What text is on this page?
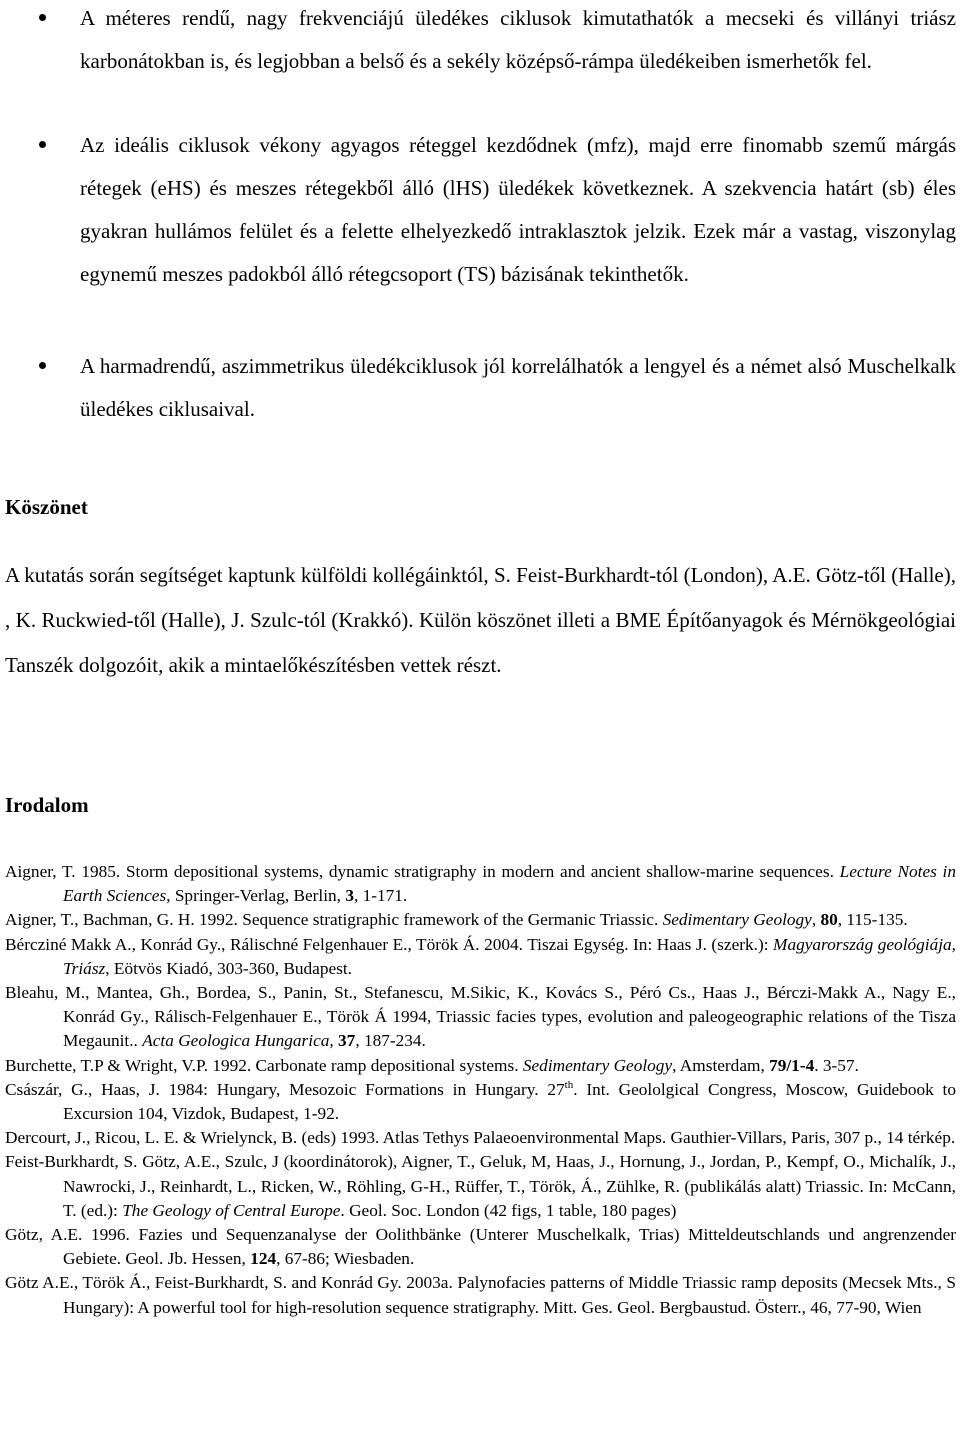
A méteres rendű, nagy frekvenciájú üledékes ciklusok kimutathatók a mecseki és villányi triász karbonátokban is, és legjobban a belső és a sekély középső-rámpa üledékeiben ismerhetők fel.
Az ideális ciklusok vékony agyagos réteggel kezdődnek (mfz), majd erre finomabb szemű márgás rétegek (eHS) és meszes rétegekből álló (lHS) üledékek következnek. A szekvencia határt (sb) éles gyakran hullámos felület és a felette elhelyezkedő intraklasztok jelzik. Ezek már a vastag, viszonylag egynemű meszes padokból álló rétegcsoport (TS) bázisának tekinthetők.
A harmadrendű, aszimmetrikus üledékciklusok jól korrelálhatók a lengyel és a német alsó Muschelkalk üledékes ciklusaival.
Köszönet

A kutatás során segítséget kaptunk külföldi kollégáinktól, S. Feist-Burkhardt-tól (London), A.E. Götz-től (Halle), , K. Ruckwied-től (Halle), J. Szulc-tól (Krakkó). Külön köszönet illeti a BME Építőanyagok és Mérnökgeológiai Tanszék dolgozóit, akik a mintaelőkészítésben vettek részt.

Irodalom
Aigner, T. 1985. Storm depositional systems, dynamic stratigraphy in modern and ancient shallow-marine sequences. Lecture Notes in Earth Sciences, Springer-Verlag, Berlin, 3, 1-171.
Aigner, T., Bachman, G. H. 1992. Sequence stratigraphic framework of the Germanic Triassic. Sedimentary Geology, 80, 115-135.
Bércziné Makk A., Konrád Gy., Rálischné Felgenhauer E., Török Á. 2004. Tiszai Egység. In: Haas J. (szerk.): Magyarország geológiája, Triász, Eötvös Kiadó, 303-360, Budapest.
Bleahu, M., Mantea, Gh., Bordea, S., Panin, St., Stefanescu, M.Sikic, K., Kovács S., Péró Cs., Haas J., Bérczi-Makk A., Nagy E., Konrád Gy., Rálisch-Felgenhauer E., Török Á 1994, Triassic facies types, evolution and paleogeographic relations of the Tisza Megaunit.. Acta Geologica Hungarica, 37, 187-234.
Burchette, T.P & Wright, V.P. 1992. Carbonate ramp depositional systems. Sedimentary Geology, Amsterdam, 79/1-4. 3-57.
Császár, G., Haas, J. 1984: Hungary, Mesozoic Formations in Hungary. 27th. Int. Geololgical Congress, Moscow, Guidebook to Excursion 104, Vizdok, Budapest, 1-92.
Dercourt, J., Ricou, L. E. & Wrielynck, B. (eds) 1993. Atlas Tethys Palaeoenvironmental Maps. Gauthier-Villars, Paris, 307 p., 14 térkép.
Feist-Burkhardt, S. Götz, A.E., Szulc, J (koordinátorok), Aigner, T., Geluk, M, Haas, J., Hornung, J., Jordan, P., Kempf, O., Michalík, J., Nawrocki, J., Reinhardt, L., Ricken, W., Röhling, G-H., Rüffer, T., Török, Á., Zühlke, R. (publikálás alatt) Triassic. In: McCann, T. (ed.): The Geology of Central Europe. Geol. Soc. London (42 figs, 1 table, 180 pages)
Götz, A.E. 1996. Fazies und Sequenzanalyse der Oolithbänke (Unterer Muschelkalk, Trias) Mitteldeutschlands und angrenzender Gebiete. Geol. Jb. Hessen, 124, 67-86; Wiesbaden.
Götz A.E., Török Á., Feist-Burkhardt, S. and Konrád Gy. 2003a. Palynofacies patterns of Middle Triassic ramp deposits (Mecsek Mts., S Hungary): A powerful tool for high-resolution sequence stratigraphy. Mitt. Ges. Geol. Bergbaustud. Österr., 46, 77-90, Wien
